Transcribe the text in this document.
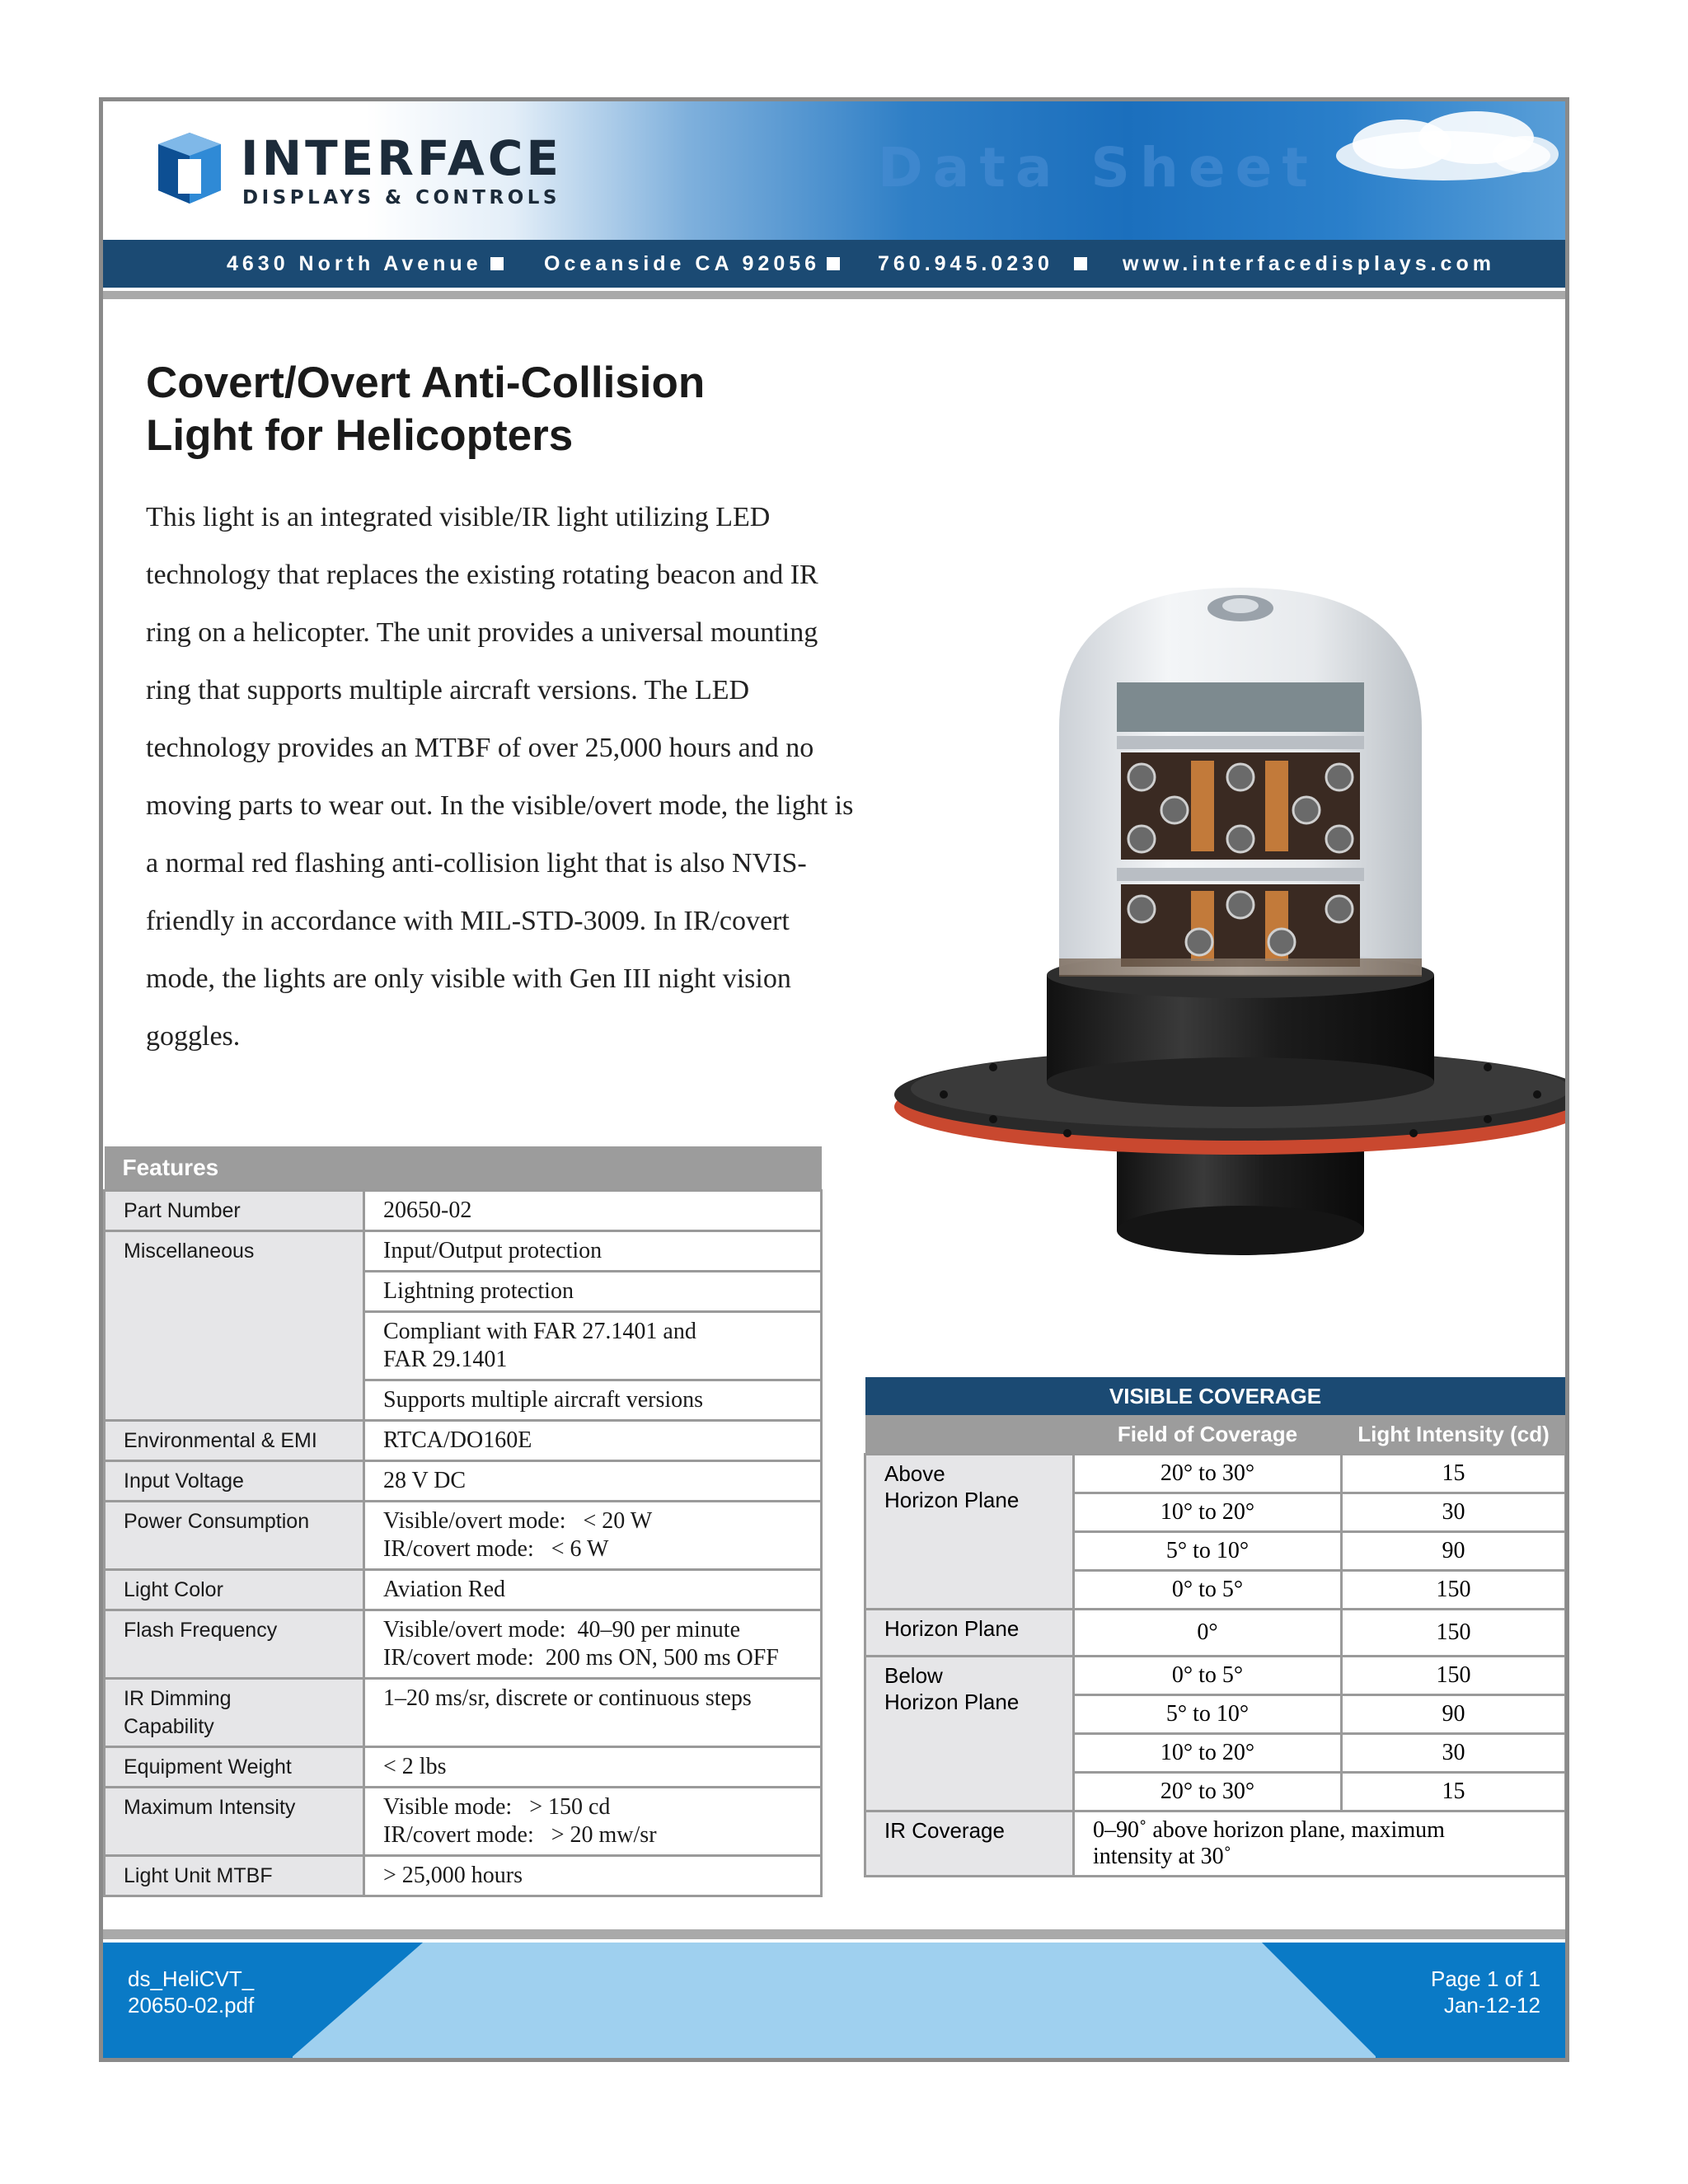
INTERFACE
DISPLAYS & CONTROLS	Data Sheet
4630 North Avenue	Oceanside CA 92056	760.945.0230	www.interfacedisplays.com
Covert/Overt Anti-Collision
Light for Helicopters
This light is an integrated visible/IR light utilizing LED technology that replaces the existing rotating beacon and IR ring on a helicopter. The unit provides a universal mounting ring that supports multiple aircraft versions. The LED technology provides an MTBF of over 25,000 hours and no moving parts to wear out. In the visible/overt mode, the light is a normal red flashing anti-collision light that is also NVIS-friendly in accordance with MIL-STD-3009. In IR/covert mode, the lights are only visible with Gen III night vision goggles.
Features	
Part Number	20650-02
Miscellaneous	Input/Output protection
	Lightning protection

	Compliant with FAR 27.1401 and
FAR 29.1401

	Supports multiple aircraft versions
Environmental & EMI	RTCA/DO160E
Input Voltage	28 V DC
Power Consumption	Visible/overt mode:   < 20 W
IR/covert mode:   < 6 W

Light Color	Aviation Red
Flash Frequency	Visible/overt mode:  40–90 per minute
IR/covert mode:  200 ms ON, 500 ms OFF

IR Dimming
Capability	1–20 ms/sr, discrete or continuous steps
Equipment Weight	< 2 lbs
Maximum Intensity	Visible mode:   > 150 cd
IR/covert mode:   > 20 mw/sr

Light Unit MTBF	> 25,000 hours
VISIBLE COVERAGE		
	Field of Coverage	Light Intensity (cd)

Above
Horizon Plane	20° to 30°	15
	10° to 20°	30
	5° to 10°	90
	0° to 5°	150
Horizon Plane	0°	150

Below
Horizon Plane	0° to 5°	150
	5° to 10°	90
	10° to 20°	30
	20° to 30°	15
IR Coverage	0–90˚ above horizon plane, maximum
intensity at 30˚	
ds_HeliCVT_
20650-02.pdf
Page 1 of 1
Jan-12-12
